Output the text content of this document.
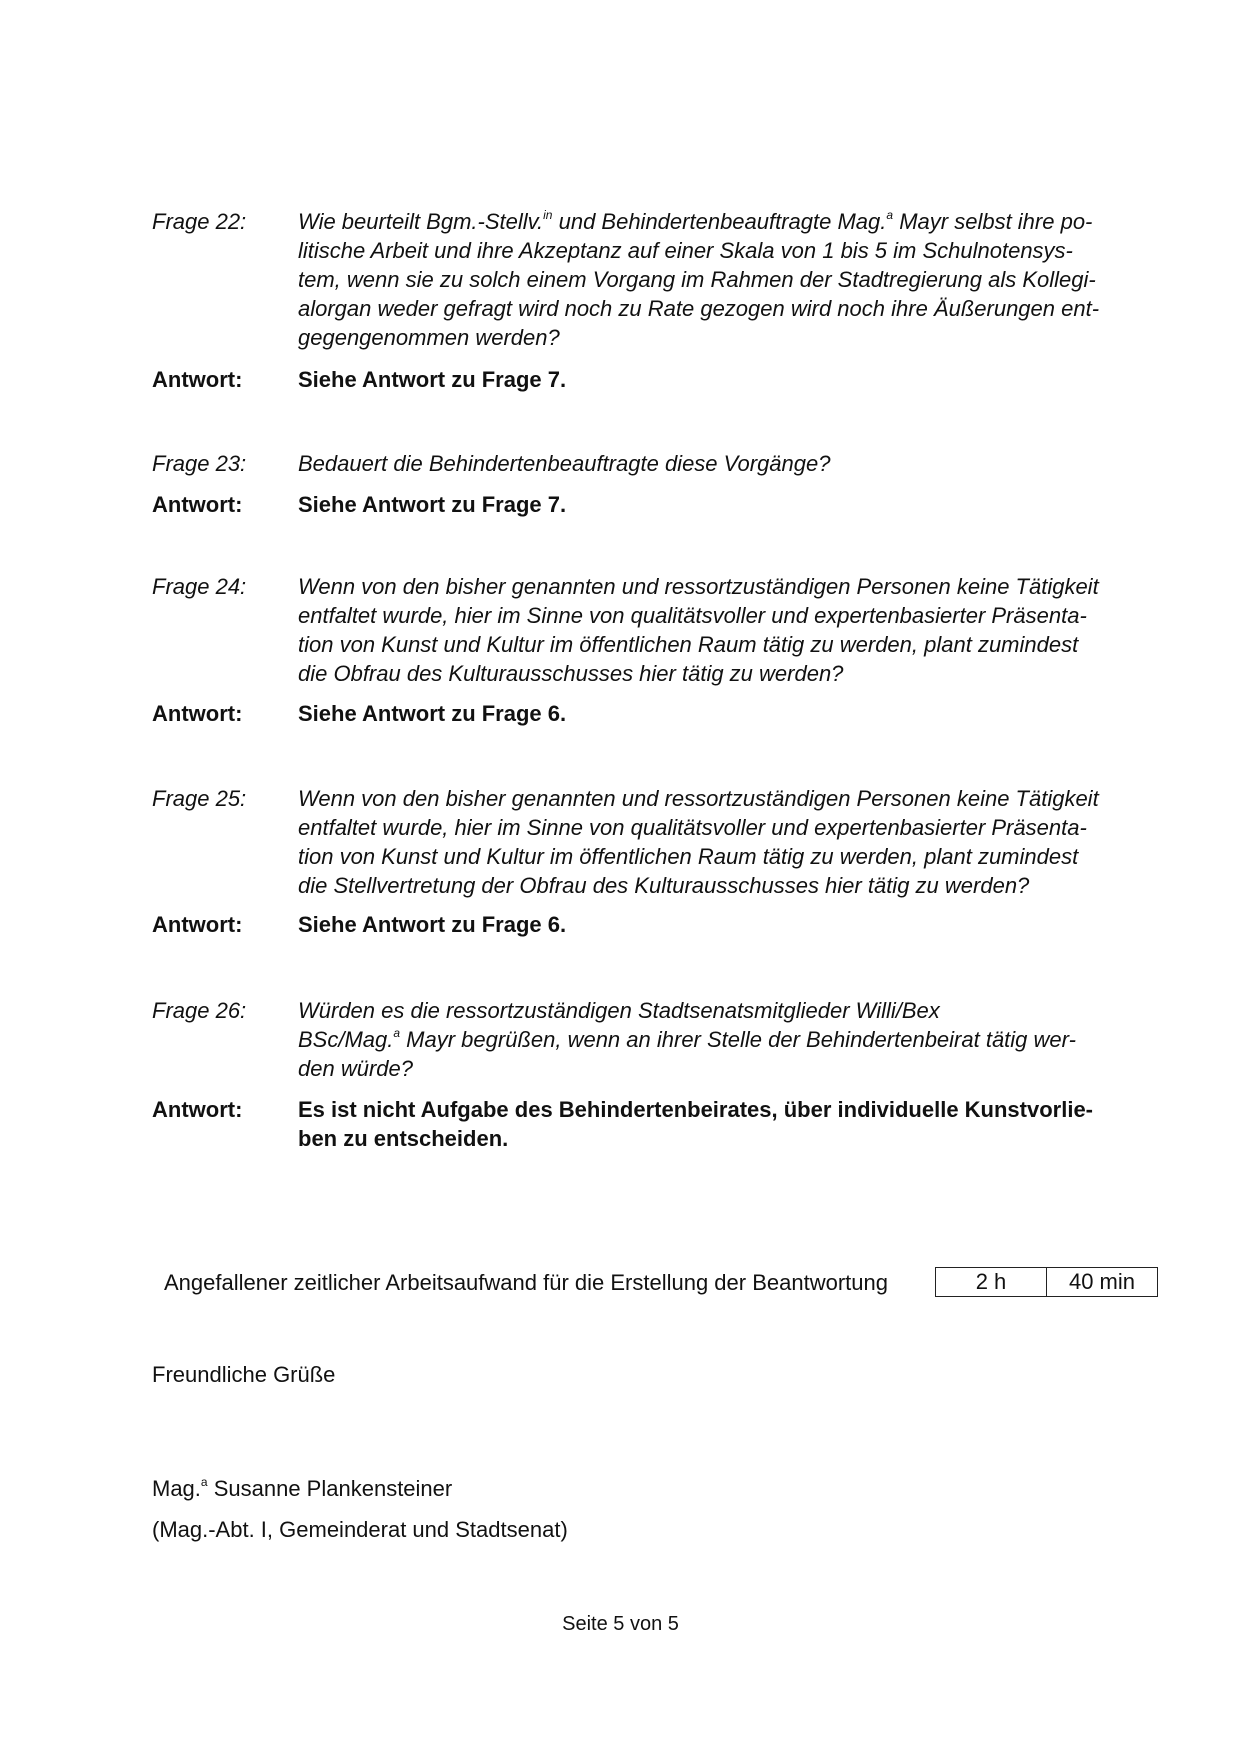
Frage 22:	Wie beurteilt Bgm.-Stellv.$^{in}$ und Behindertenbeauftragte Mag.$^a$ Mayr selbst ihre po-
litische Arbeit und ihre Akzeptanz auf einer Skala von 1 bis 5 im Schulnotensys-
tem, wenn sie zu solch einem Vorgang im Rahmen der Stadtregierung als Kollegi-
alorgan weder gefragt wird noch zu Rate gezogen wird noch ihre Äußerungen ent-
gegengenommen werden?
Antwort:	Siehe Antwort zu Frage 7.
Frage 23:	Bedauert die Behindertenbeauftragte diese Vorgänge?
Antwort:	Siehe Antwort zu Frage 7.
Frage 24:	Wenn von den bisher genannten und ressortzuständigen Personen keine Tätigkeit
entfaltet wurde, hier im Sinne von qualitätsvoller und expertenbasierter Präsenta-
tion von Kunst und Kultur im öffentlichen Raum tätig zu werden, plant zumindest
die Obfrau des Kulturausschusses hier tätig zu werden?
Antwort:	Siehe Antwort zu Frage 6.
Frage 25:	Wenn von den bisher genannten und ressortzuständigen Personen keine Tätigkeit
entfaltet wurde, hier im Sinne von qualitätsvoller und expertenbasierter Präsenta-
tion von Kunst und Kultur im öffentlichen Raum tätig zu werden, plant zumindest
die Stellvertretung der Obfrau des Kulturausschusses hier tätig zu werden?
Antwort:	Siehe Antwort zu Frage 6.
Frage 26:	Würden es die ressortzuständigen Stadtsenatsmitglieder Willi/Bex
BSc/Mag.$^a$ Mayr begrüßen, wenn an ihrer Stelle der Behindertenbeirat tätig wer-
den würde?
Antwort:	Es ist nicht Aufgabe des Behindertenbeirates, über individuelle Kunstvorlie-
ben zu entscheiden.
Angefallener zeitlicher Arbeitsaufwand für die Erstellung der Beantwortung	2 h	40 min
Freundliche Grüße
Mag.$^a$ Susanne Plankensteiner
(Mag.-Abt. I, Gemeinderat und Stadtsenat)
Seite 5 von 5
